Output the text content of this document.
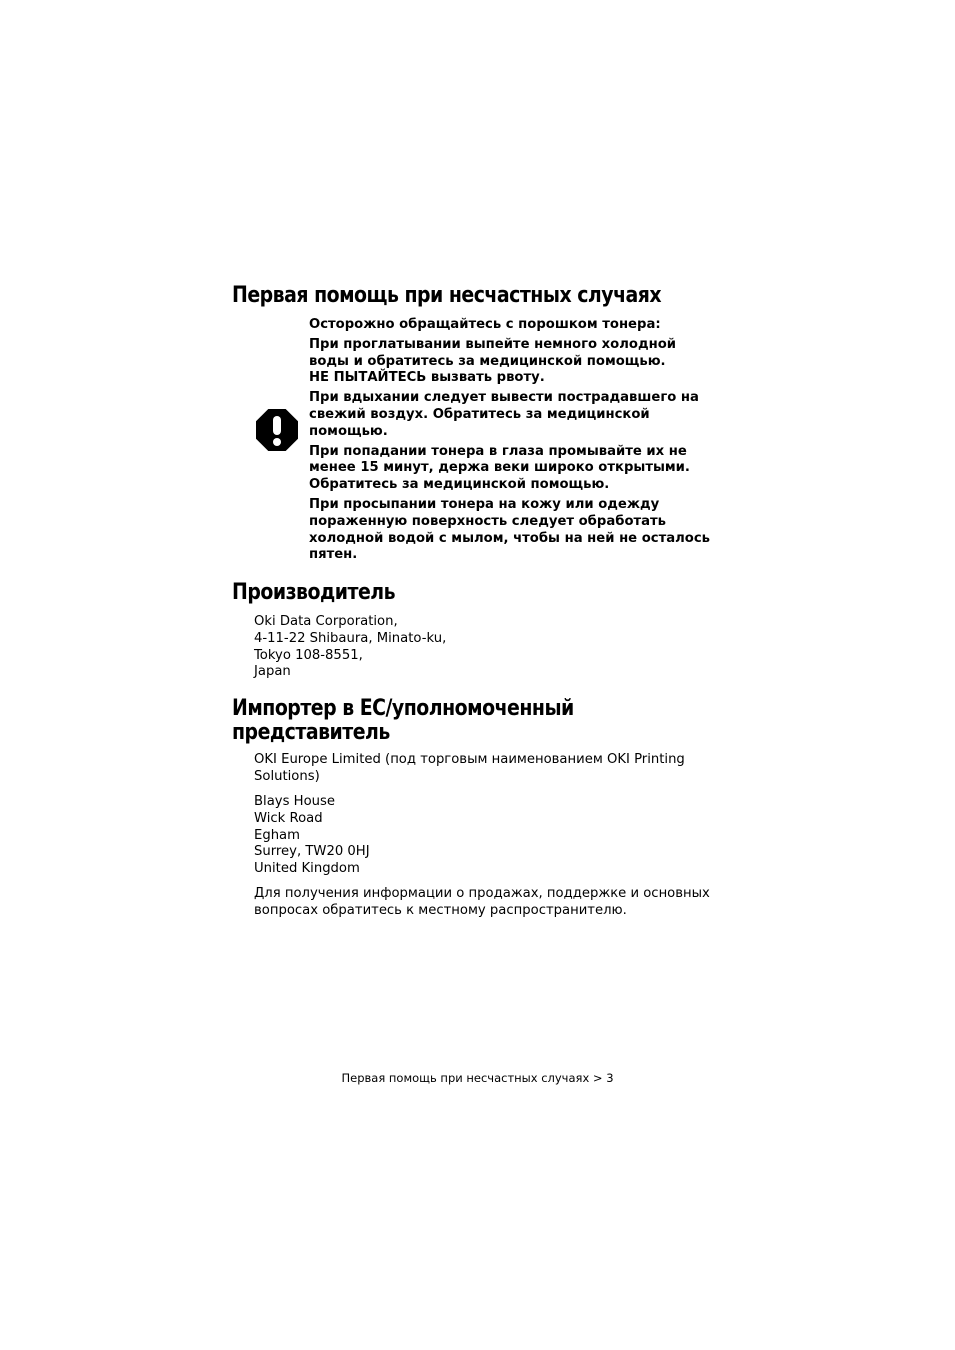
Первая помощь при несчастных случаях

Осторожно обращайтесь с порошком тонера:

При проглатывании выпейте немного холодной
воды и обратитесь за медицинской помощью.
НЕ ПЫТАЙТЕСЬ вызвать рвоту.

При вдыхании следует вывести пострадавшего на
свежий воздух. Обратитесь за медицинской
помощью.

При попадании тонера в глаза промывайте их не
менее 15 минут, держа веки широко открытыми.
Обратитесь за медицинской помощью.

При просыпании тонера на кожу или одежду
пораженную поверхность следует обработать
холодной водой с мылом, чтобы на ней не осталось
пятен.

Производитель
Oki Data Corporation,
4-11-22 Shibaura, Minato-ku,
Tokyo 108-8551,
Japan
Импортер в ЕС/уполномоченный
представитель
OKI Europe Limited (под торговым наименованием OKI Printing
Solutions)
Blays House
Wick Road
Egham
Surrey, TW20 0HJ
United Kingdom
Для получения информации о продажах, поддержке и основных
вопросах обратитесь к местному распространителю.
Первая помощь при несчастных случаях > 3
